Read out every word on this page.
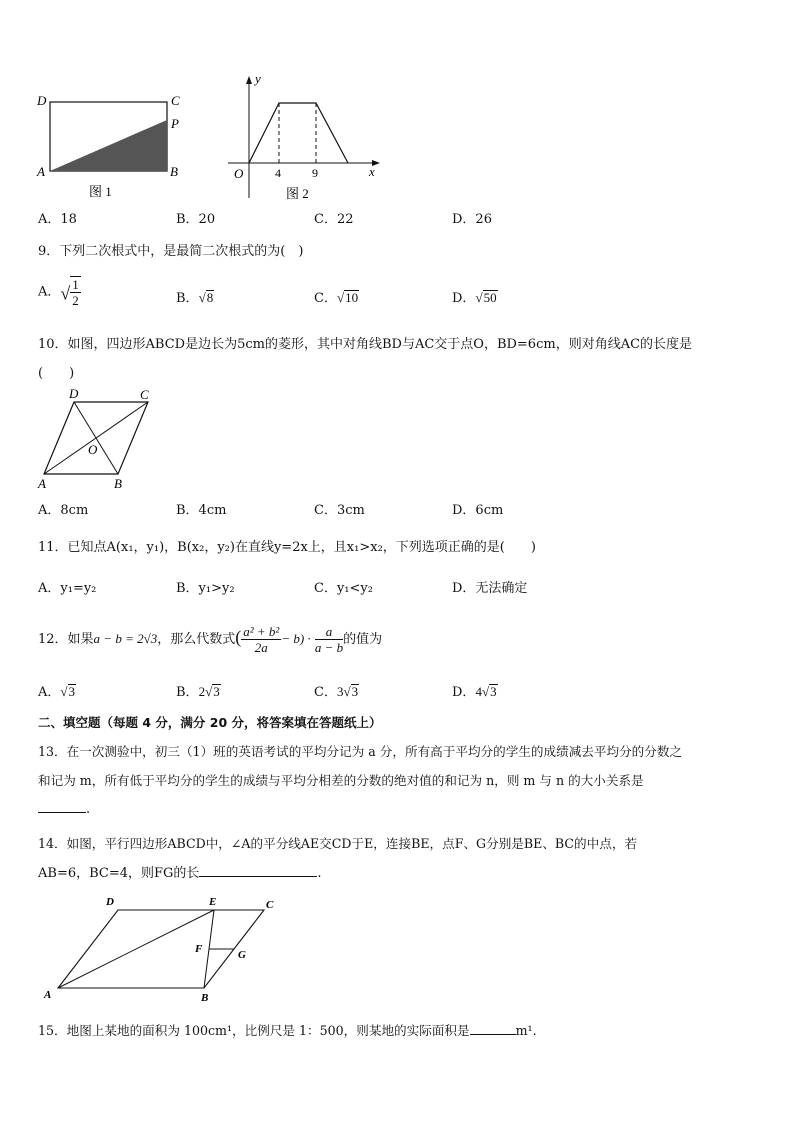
D	C
P
A	B
图 1
y
O	4	9	x
图 2
A．18	B．20	C．22	D．26
9．下列二次根式中，是最简二次根式的为(　)
A．√ $\frac{1}{2}$	B．√8	C．√10	D．√50
10．如图，四边形ABCD是边长为5cm的菱形，其中对角线BD与AC交于点O，BD=6cm，则对角线AC的长度是
(　　)
D	C
O
A	B
A．8cm	B．4cm	C．3cm	D．6cm
11．已知点A(x₁，y₁)，B(x₂，y₂)在直线y=2x上，且x₁>x₂，下列选项正确的是(　　)
A．y₁=y₂	B．y₁>y₂	C．y₁<y₂	D．无法确定
12．如果a − b = 2√3，那么代数式( $\frac{\text{a² + b²}}{2a} - b) \cdot \frac{a}{a - b}$ 的值为
A．√3	B．2√3	C．3√3	D．4√3
二、填空题（每题 4 分，满分 20 分，将答案填在答题纸上）
13．在一次测验中，初三（1）班的英语考试的平均分记为 a 分，所有高于平均分的学生的成绩减去平均分的分数之
和记为 m，所有低于平均分的学生的成绩与平均分相差的分数的绝对值的和记为 n，则 m 与 n 的大小关系是
.
14．如图，平行四边形ABCD中，∠A的平分线AE交CD于E，连接BE，点F、G分别是BE、BC的中点，若
AB=6，BC=4，则FG的长	.
D	E	C
F	G
A	B
15．地图上某地的面积为 100cm¹，比例尺是 1：500，则某地的实际面积是	m¹.
